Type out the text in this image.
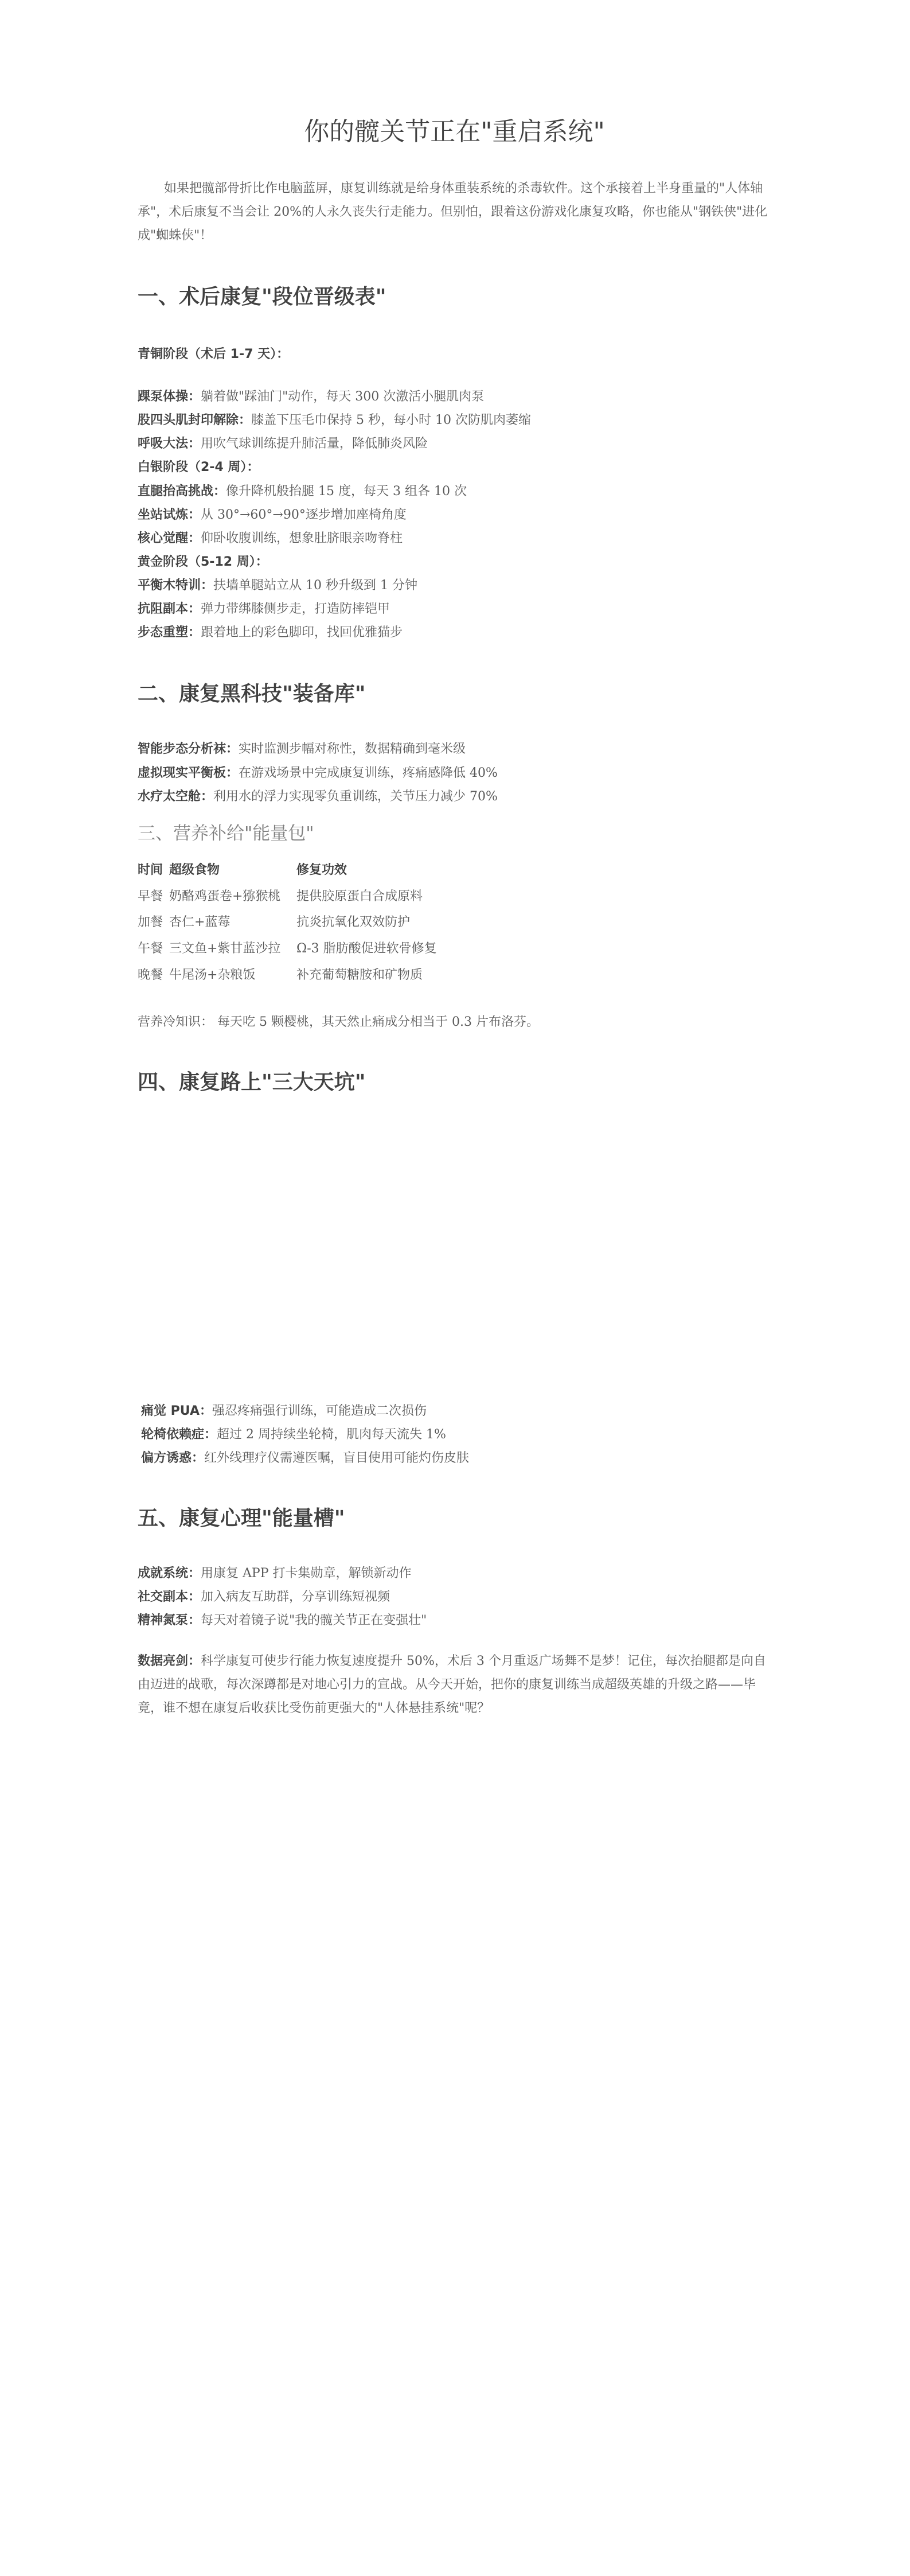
你的髋关节正在"重启系统"
如果把髋部骨折比作电脑蓝屏，康复训练就是给身体重装系统的杀毒软件。这个承接着上半身重量的"人体轴承"，术后康复不当会让 20%的人永久丧失行走能力。但别怕，跟着这份游戏化康复攻略，你也能从"钢铁侠"进化成"蜘蛛侠"！
一、术后康复"段位晋级表"
青铜阶段（术后 1-7 天）：
踝泵体操：躺着做"踩油门"动作，每天 300 次激活小腿肌肉泵
股四头肌封印解除：膝盖下压毛巾保持 5 秒，每小时 10 次防肌肉萎缩
呼吸大法：用吹气球训练提升肺活量，降低肺炎风险
白银阶段（2-4 周）：
直腿抬高挑战：像升降机般抬腿 15 度，每天 3 组各 10 次
坐站试炼：从 30°→60°→90°逐步增加座椅角度
核心觉醒：仰卧收腹训练，想象肚脐眼亲吻脊柱
黄金阶段（5-12 周）：
平衡木特训：扶墙单腿站立从 10 秒升级到 1 分钟
抗阻副本：弹力带绑膝侧步走，打造防摔铠甲
步态重塑：跟着地上的彩色脚印，找回优雅猫步
二、康复黑科技"装备库"
智能步态分析袜：实时监测步幅对称性，数据精确到毫米级
虚拟现实平衡板：在游戏场景中完成康复训练，疼痛感降低 40%
水疗太空舱：利用水的浮力实现零负重训练，关节压力减少 70%
三、营养补给"能量包"
时间 超级食物	修复功效
早餐 奶酪鸡蛋卷+猕猴桃 提供胶原蛋白合成原料
加餐 杏仁+蓝莓	抗炎抗氧化双效防护
午餐 三文鱼+紫甘蓝沙拉 Ω-3 脂肪酸促进软骨修复
晚餐 牛尾汤+杂粮饭	补充葡萄糖胺和矿物质
营养冷知识： 每天吃 5 颗樱桃，其天然止痛成分相当于 0.3 片布洛芬。
四、康复路上"三大天坑"
痛觉 PUA：强忍疼痛强行训练，可能造成二次损伤
轮椅依赖症：超过 2 周持续坐轮椅，肌肉每天流失 1%
偏方诱惑：红外线理疗仪需遵医嘱，盲目使用可能灼伤皮肤
五、康复心理"能量槽"
成就系统：用康复 APP 打卡集勋章，解锁新动作
社交副本：加入病友互助群，分享训练短视频
精神氮泵：每天对着镜子说"我的髋关节正在变强壮"
数据亮剑：科学康复可使步行能力恢复速度提升 50%，术后 3 个月重返广场舞不是梦！记住，每次抬腿都是向自由迈进的战歌，每次深蹲都是对地心引力的宣战。从今天开始，把你的康复训练当成超级英雄的升级之路——毕竟，谁不想在康复后收获比受伤前更强大的"人体悬挂系统"呢？
